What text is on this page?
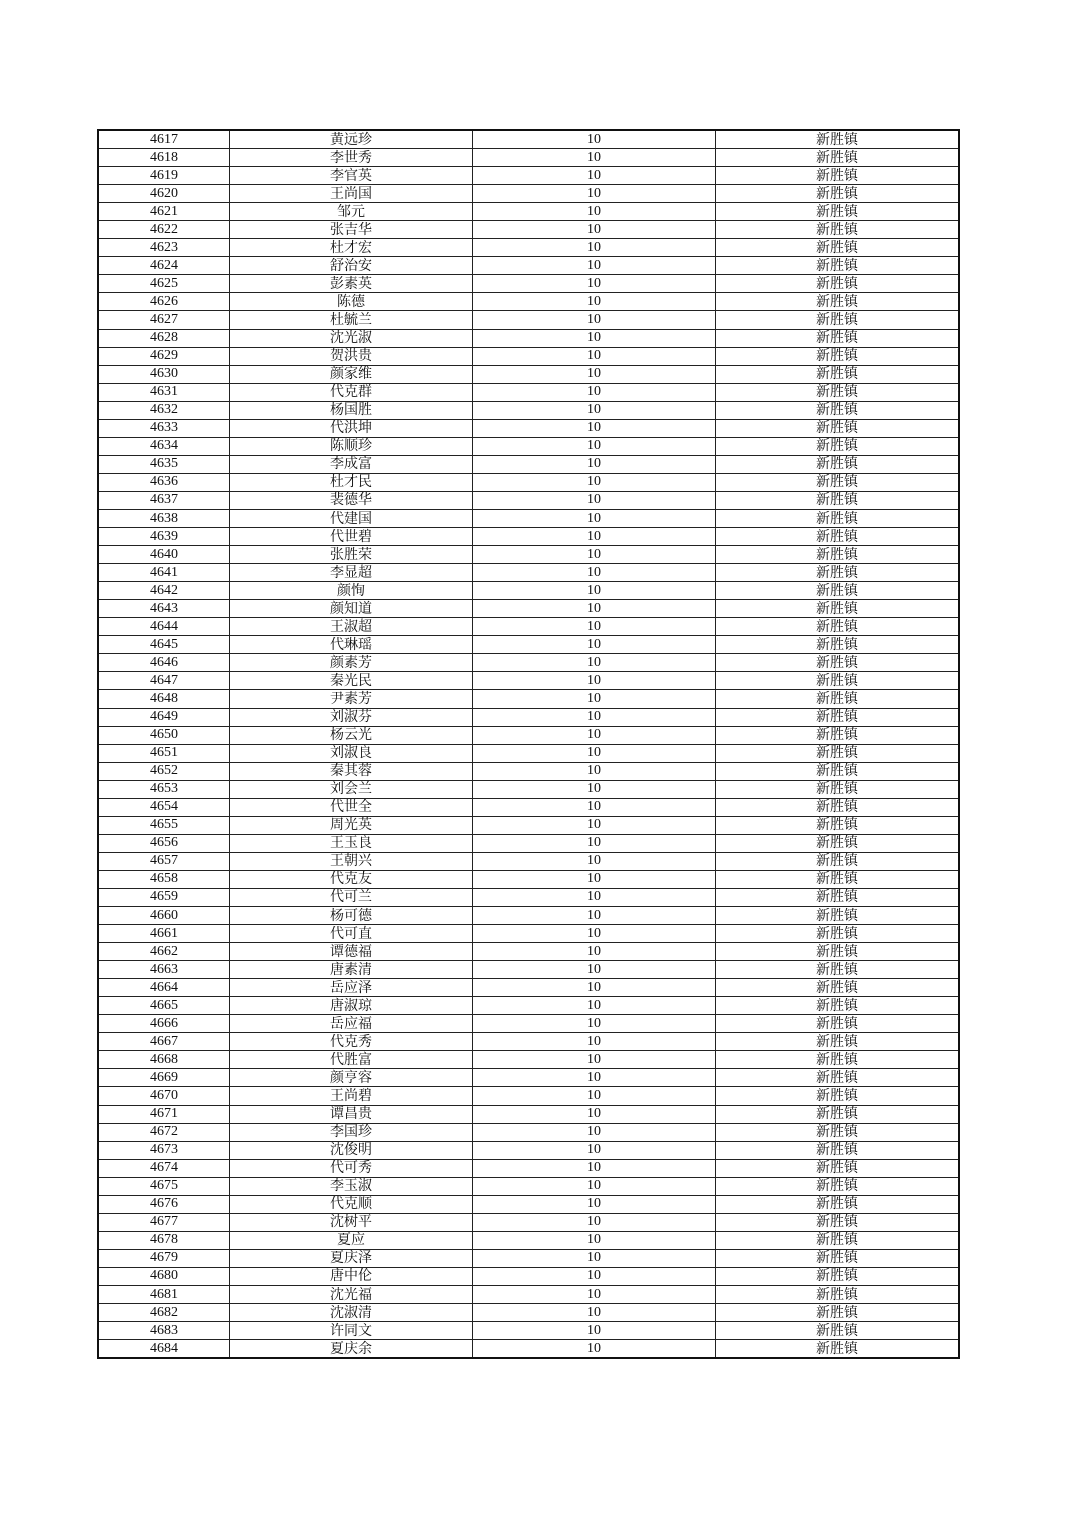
4617	黄远珍	10	新胜镇
4618	李世秀	10	新胜镇
4619	李官英	10	新胜镇
4620	王尚国	10	新胜镇
4621	邹元	10	新胜镇
4622	张吉华	10	新胜镇
4623	杜才宏	10	新胜镇
4624	舒治安	10	新胜镇
4625	彭素英	10	新胜镇
4626	陈德	10	新胜镇
4627	杜毓兰	10	新胜镇
4628	沈光淑	10	新胜镇
4629	贺洪贵	10	新胜镇
4630	颜家维	10	新胜镇
4631	代克群	10	新胜镇
4632	杨国胜	10	新胜镇
4633	代洪坤	10	新胜镇
4634	陈顺珍	10	新胜镇
4635	李成富	10	新胜镇
4636	杜才民	10	新胜镇
4637	裴德华	10	新胜镇
4638	代建国	10	新胜镇
4639	代世碧	10	新胜镇
4640	张胜荣	10	新胜镇
4641	李显超	10	新胜镇
4642	颜恂	10	新胜镇
4643	颜知道	10	新胜镇
4644	王淑超	10	新胜镇
4645	代琳瑶	10	新胜镇
4646	颜素芳	10	新胜镇
4647	秦光民	10	新胜镇
4648	尹素芳	10	新胜镇
4649	刘淑芬	10	新胜镇
4650	杨云光	10	新胜镇
4651	刘淑良	10	新胜镇
4652	秦其蓉	10	新胜镇
4653	刘会兰	10	新胜镇
4654	代世全	10	新胜镇
4655	周光英	10	新胜镇
4656	王玉良	10	新胜镇
4657	王朝兴	10	新胜镇
4658	代克友	10	新胜镇
4659	代可兰	10	新胜镇
4660	杨可德	10	新胜镇
4661	代可直	10	新胜镇
4662	谭德福	10	新胜镇
4663	唐素清	10	新胜镇
4664	岳应泽	10	新胜镇
4665	唐淑琼	10	新胜镇
4666	岳应福	10	新胜镇
4667	代克秀	10	新胜镇
4668	代胜富	10	新胜镇
4669	颜亨容	10	新胜镇
4670	王尚碧	10	新胜镇
4671	谭昌贵	10	新胜镇
4672	李国珍	10	新胜镇
4673	沈俊明	10	新胜镇
4674	代可秀	10	新胜镇
4675	李玉淑	10	新胜镇
4676	代克顺	10	新胜镇
4677	沈树平	10	新胜镇
4678	夏应	10	新胜镇
4679	夏庆泽	10	新胜镇
4680	唐中伦	10	新胜镇
4681	沈光福	10	新胜镇
4682	沈淑清	10	新胜镇
4683	许同文	10	新胜镇
4684	夏庆余	10	新胜镇
